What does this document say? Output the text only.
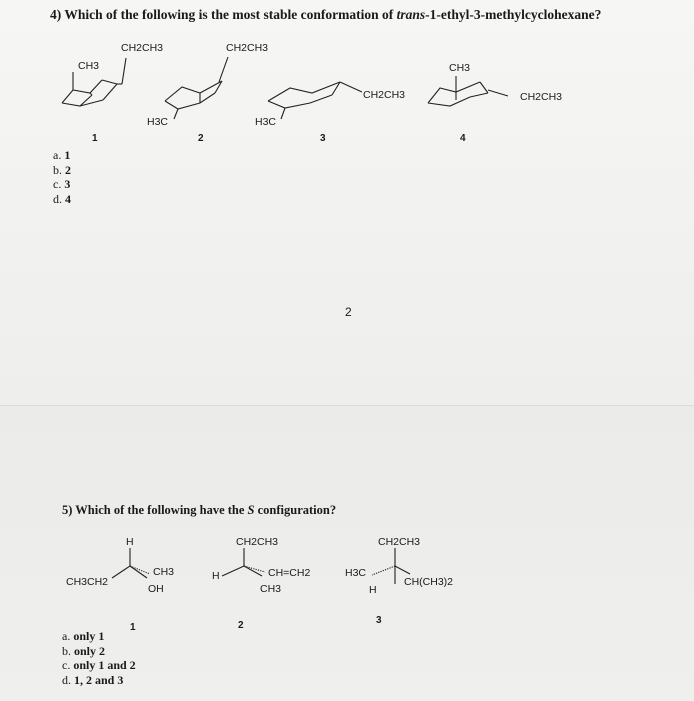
4) Which of the following is the most stable conformation of trans-1-ethyl-3-methylcyclohexane?
CH3
CH2CH3
1
CH2CH3
H3C
2
CH2CH3
H3C
3
CH3
CH2CH3
4
a. 1
b. 2
c. 3
d. 4
2
5) Which of the following have the S configuration?
H
CH3CH2
CH3
OH
1
CH2CH3
H	CH=CH2
CH3
2
CH2CH3
H3C
H
CH(CH3)2
3
a. only 1
b. only 2
c. only 1 and 2
d. 1, 2 and 3
